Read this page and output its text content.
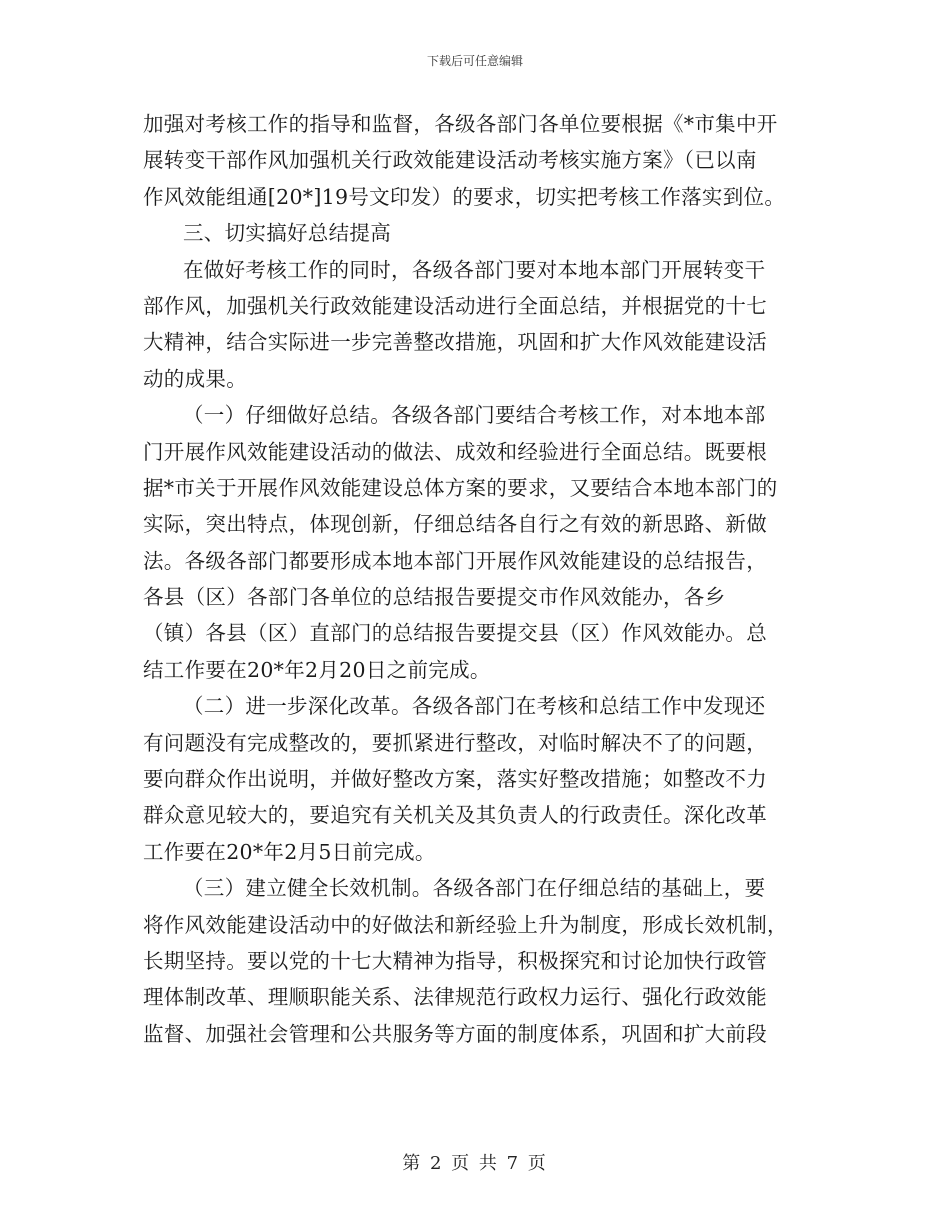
下载后可任意编辑
加强对考核工作的指导和监督，各级各部门各单位要根据《*市集中开
展转变干部作风加强机关行政效能建设活动考核实施方案》（已以南
作风效能组通[20*]19号文印发）的要求，切实把考核工作落实到位。
三、切实搞好总结提高
在做好考核工作的同时，各级各部门要对本地本部门开展转变干
部作风，加强机关行政效能建设活动进行全面总结，并根据党的十七
大精神，结合实际进一步完善整改措施，巩固和扩大作风效能建设活
动的成果。
（一）仔细做好总结。各级各部门要结合考核工作，对本地本部
门开展作风效能建设活动的做法、成效和经验进行全面总结。既要根
据*市关于开展作风效能建设总体方案的要求，又要结合本地本部门的
实际，突出特点，体现创新，仔细总结各自行之有效的新思路、新做
法。各级各部门都要形成本地本部门开展作风效能建设的总结报告，
各县（区）各部门各单位的总结报告要提交市作风效能办，各乡
（镇）各县（区）直部门的总结报告要提交县（区）作风效能办。总
结工作要在20*年2月20日之前完成。
（二）进一步深化改革。各级各部门在考核和总结工作中发现还
有问题没有完成整改的，要抓紧进行整改，对临时解决不了的问题，
要向群众作出说明，并做好整改方案，落实好整改措施；如整改不力
群众意见较大的，要追究有关机关及其负责人的行政责任。深化改革
工作要在20*年2月5日前完成。
（三）建立健全长效机制。各级各部门在仔细总结的基础上，要
将作风效能建设活动中的好做法和新经验上升为制度，形成长效机制，
长期坚持。要以党的十七大精神为指导，积极探究和讨论加快行政管
理体制改革、理顺职能关系、法律规范行政权力运行、强化行政效能
监督、加强社会管理和公共服务等方面的制度体系，巩固和扩大前段
第 2 页 共 7 页
